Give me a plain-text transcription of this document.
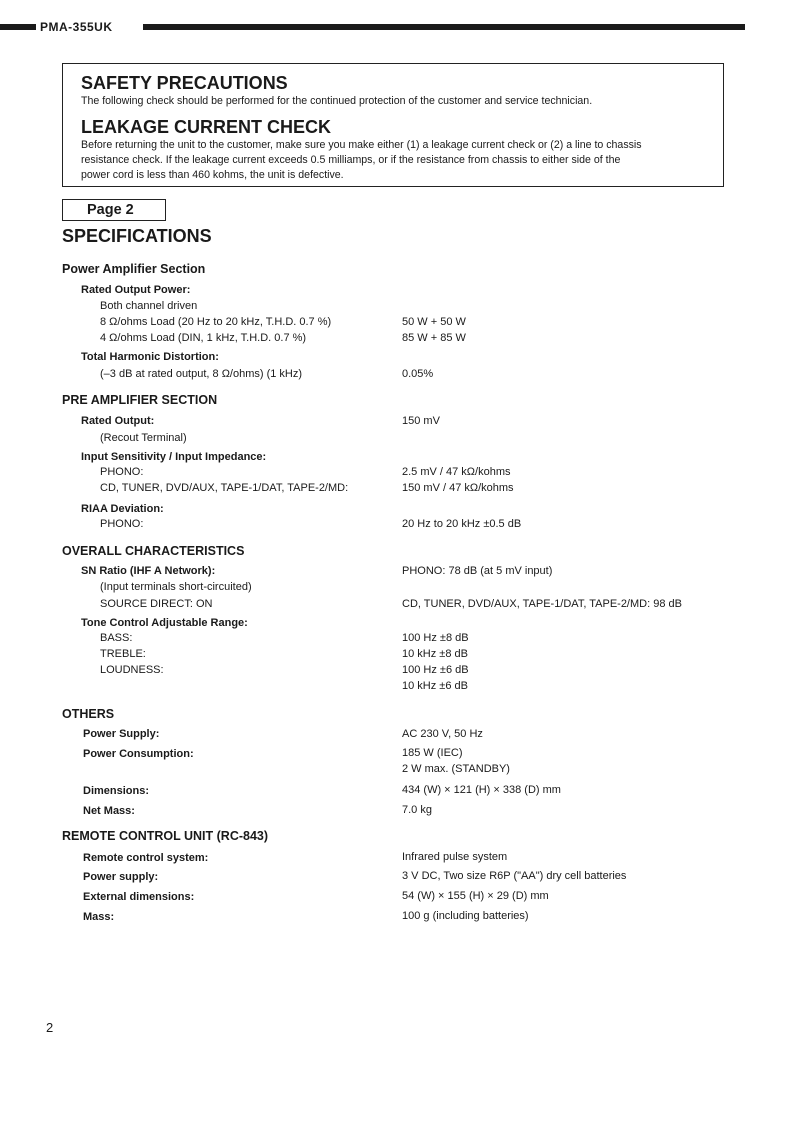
PMA-355UK
SAFETY PRECAUTIONS
The following check should be performed for the continued protection of the customer and service technician.
LEAKAGE CURRENT CHECK
Before returning the unit to the customer, make sure you make either (1) a leakage current check or (2) a line to chassis
resistance check. If the leakage current exceeds 0.5 milliamps, or if the resistance from chassis to either side of the
power cord is less than 460 kohms, the unit is defective.
Page 2
SPECIFICATIONS
Power Amplifier Section
Rated Output Power:
Both channel driven
8 Ω/ohms Load (20 Hz to 20 kHz, T.H.D. 0.7 %)	50 W + 50 W
4 Ω/ohms Load (DIN, 1 kHz, T.H.D. 0.7 %)	85 W + 85 W
Total Harmonic Distortion:
(–3 dB at rated output, 8 Ω/ohms) (1 kHz)	0.05%
PRE AMPLIFIER SECTION
Rated Output:	150 mV
(Recout Terminal)
Input Sensitivity / Input Impedance:
PHONO:	2.5 mV / 47 kΩ/kohms
CD, TUNER, DVD/AUX, TAPE-1/DAT, TAPE-2/MD:	150 mV / 47 kΩ/kohms
RIAA Deviation:
PHONO:	20 Hz to 20 kHz ±0.5 dB
OVERALL CHARACTERISTICS
SN Ratio (IHF A Network):	PHONO: 78 dB (at 5 mV input)
(Input terminals short-circuited)
SOURCE DIRECT: ON	CD, TUNER, DVD/AUX, TAPE-1/DAT, TAPE-2/MD: 98 dB
Tone Control Adjustable Range:
BASS:	100 Hz ±8 dB
TREBLE:	10 kHz ±8 dB
LOUDNESS:	100 Hz ±6 dB
10 kHz ±6 dB
OTHERS
Power Supply:	AC 230 V, 50 Hz
Power Consumption:	185 W (IEC)
2 W max. (STANDBY)
Dimensions:	434 (W) × 121 (H) × 338 (D) mm
Net Mass:	7.0 kg
REMOTE CONTROL UNIT (RC-843)
Remote control system:	Infrared pulse system
Power supply:	3 V DC, Two size R6P ("AA") dry cell batteries
External dimensions:	54 (W) × 155 (H) × 29 (D) mm
Mass:	100 g (including batteries)
2
